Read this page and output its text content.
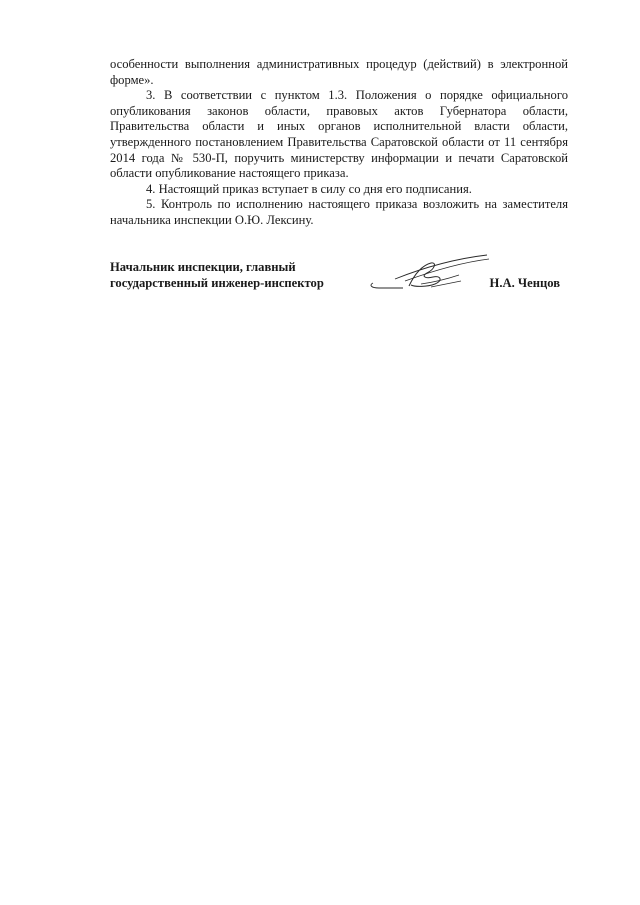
особенности выполнения административных процедур (действий) в электронной форме».

3. В соответствии с пунктом 1.3. Положения о порядке официального опубликования законов области, правовых актов Губернатора области, Правительства области и иных органов исполнительной власти области, утвержденного постановлением Правительства Саратовской области от 11 сентября 2014 года № 530-П, поручить министерству информации и печати Саратовской области опубликование настоящего приказа.

4. Настоящий приказ вступает в силу со дня его подписания.

5. Контроль по исполнению настоящего приказа возложить на заместителя начальника инспекции О.Ю. Лексину.

Начальник инспекции, главный
государственный инженер-инспектор	Н.А. Ченцов
